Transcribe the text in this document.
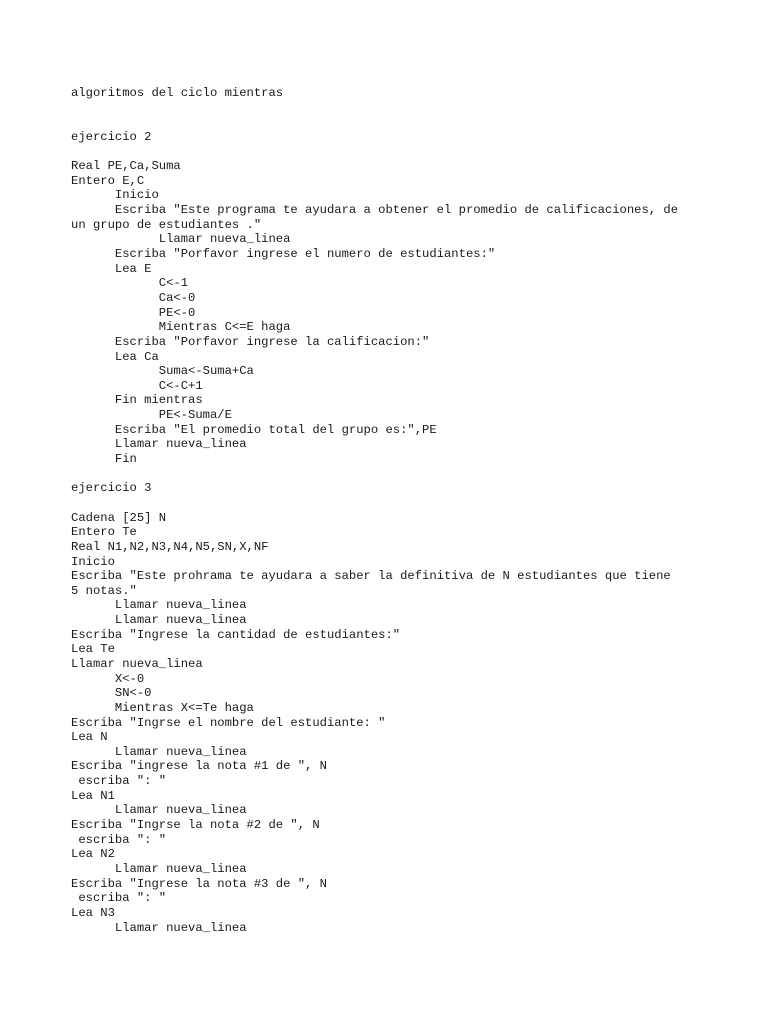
algoritmos del ciclo mientras
ejercicio 2
Real PE,Ca,Suma
Entero E,C
Inicio
Escriba "Este programa te ayudara a obtener el promedio de calificaciones, de
un grupo de estudiantes ."
Llamar nueva_linea
Escriba "Porfavor ingrese el numero de estudiantes:"
Lea E
C<-1
Ca<-0
PE<-0
Mientras C<=E haga
Escriba "Porfavor ingrese la calificacion:"
Lea Ca
Suma<-Suma+Ca
C<-C+1
Fin mientras
PE<-Suma/E
Escriba "El promedio total del grupo es:",PE
Llamar nueva_linea
Fin
ejercicio 3
Cadena [25] N
Entero Te
Real N1,N2,N3,N4,N5,SN,X,NF
Inicio
Escriba "Este prohrama te ayudara a saber la definitiva de N estudiantes que tiene
5 notas."
Llamar nueva_linea
Llamar nueva_linea
Escriba "Ingrese la cantidad de estudiantes:"
Lea Te
Llamar nueva_linea
X<-0
SN<-0
Mientras X<=Te haga
Escriba "Ingrse el nombre del estudiante: "
Lea N
Llamar nueva_linea
Escriba "ingrese la nota #1 de ", N
escriba ": "
Lea N1
Llamar nueva_linea
Escriba "Ingrse la nota #2 de ", N
escriba ": "
Lea N2
Llamar nueva_linea
Escriba "Ingrese la nota #3 de ", N
escriba ": "
Lea N3
Llamar nueva_linea
